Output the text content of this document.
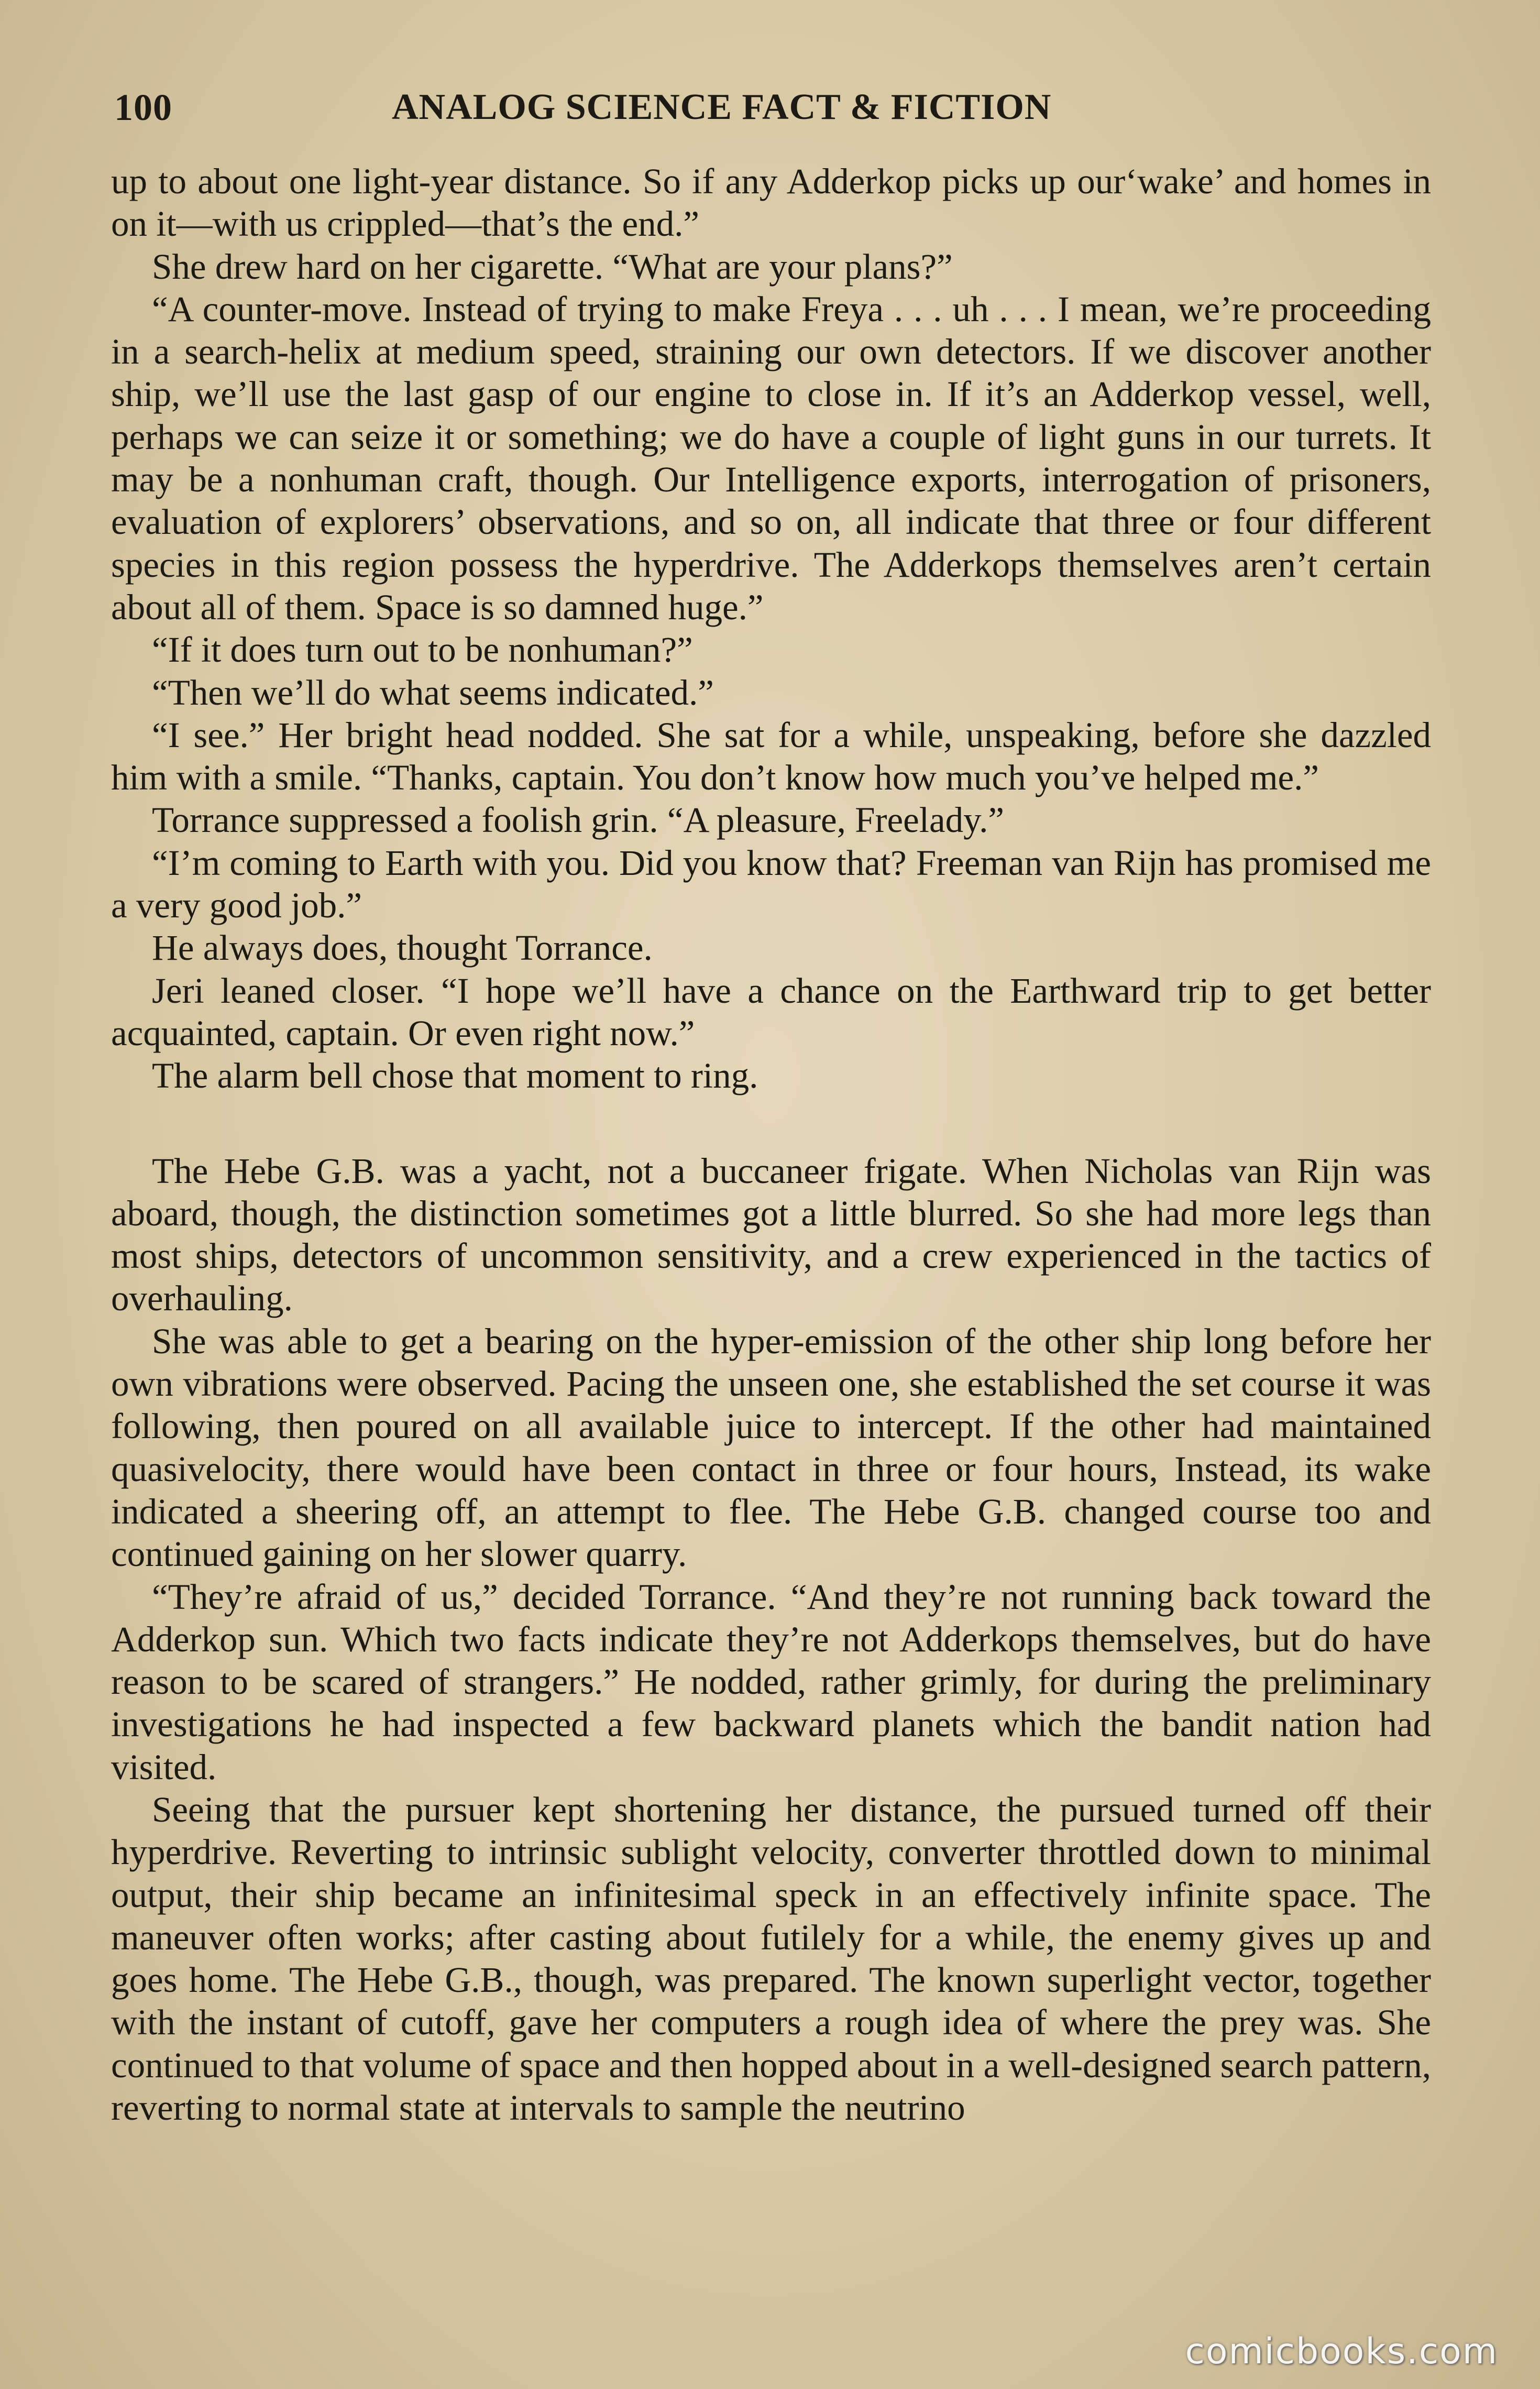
100	ANALOG SCIENCE FACT & FICTION

up to about one light-year distance. So if any Adderkop picks up our‘wake’ and homes in on it—with us crippled—that’s the end.”

She drew hard on her cigarette. “What are your plans?”

“A counter-move. Instead of trying to make Freya . . . uh . . . I mean, we’re proceeding in a search-helix at medium speed, straining our own detectors. If we discover another ship, we’ll use the last gasp of our engine to close in. If it’s an Adderkop vessel, well, perhaps we can seize it or something; we do have a couple of light guns in our turrets. It may be a nonhuman craft, though. Our Intelligence exports, interrogation of prisoners, evaluation of explorers’ observations, and so on, all indicate that three or four different species in this region possess the hyperdrive. The Adderkops themselves aren’t certain about all of them. Space is so damned huge.”

“If it does turn out to be nonhuman?”

“Then we’ll do what seems indicated.”

“I see.” Her bright head nodded. She sat for a while, unspeaking, before she dazzled him with a smile. “Thanks, captain. You don’t know how much you’ve helped me.”

Torrance suppressed a foolish grin. “A pleasure, Freelady.”

“I’m coming to Earth with you. Did you know that? Freeman van Rijn has promised me a very good job.”

He always does, thought Torrance.

Jeri leaned closer. “I hope we’ll have a chance on the Earthward trip to get better acquainted, captain. Or even right now.”

The alarm bell chose that moment to ring.

The Hebe G.B. was a yacht, not a buccaneer frigate. When Nicholas van Rijn was aboard, though, the distinction sometimes got a little blurred. So she had more legs than most ships, detectors of uncommon sensitivity, and a crew experienced in the tactics of overhauling.

She was able to get a bearing on the hyper-emission of the other ship long before her own vibrations were observed. Pacing the unseen one, she established the set course it was following, then poured on all available juice to intercept. If the other had maintained quasivelocity, there would have been contact in three or four hours, Instead, its wake indicated a sheering off, an attempt to flee. The Hebe G.B. changed course too and continued gaining on her slower quarry.

“They’re afraid of us,” decided Torrance. “And they’re not running back toward the Adderkop sun. Which two facts indicate they’re not Adderkops themselves, but do have reason to be scared of strangers.” He nodded, rather grimly, for during the preliminary investigations he had inspected a few backward planets which the bandit nation had visited.

Seeing that the pursuer kept shortening her distance, the pursued turned off their hyperdrive. Reverting to intrinsic sublight velocity, converter throttled down to minimal output, their ship became an infinitesimal speck in an effectively infinite space. The maneuver often works; after casting about futilely for a while, the enemy gives up and goes home. The Hebe G.B., though, was prepared. The known superlight vector, together with the instant of cutoff, gave her computers a rough idea of where the prey was. She continued to that volume of space and then hopped about in a well-designed search pattern, reverting to normal state at intervals to sample the neutrino

comicbooks.com
